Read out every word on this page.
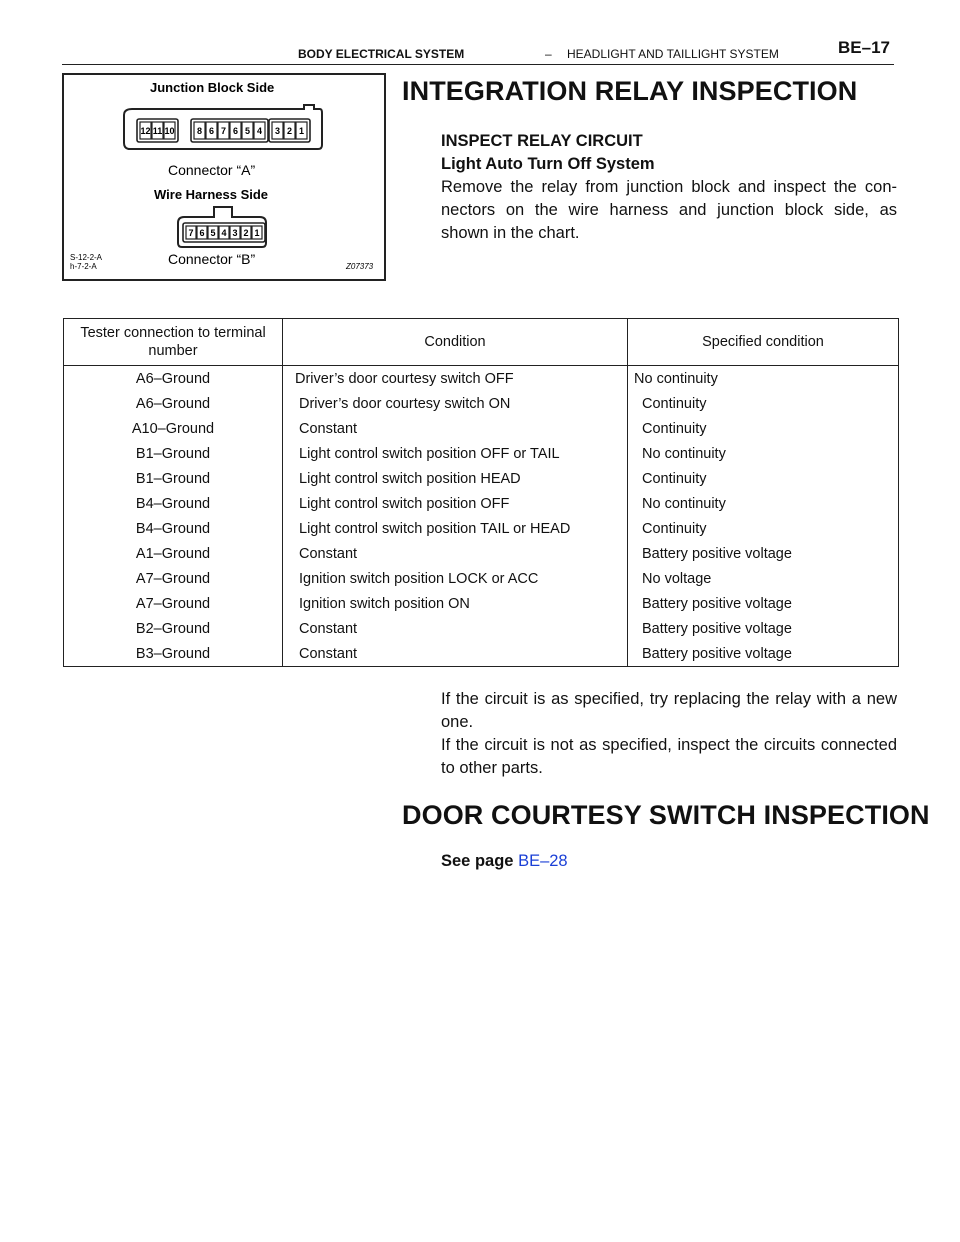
BODY ELECTRICAL SYSTEM	– HEADLIGHT AND TAILLIGHT SYSTEM	BE–17
Junction Block Side
12 11 10 8 6 7 6 5 4 3 2 1
Connector “A”
Wire Harness Side
7 6 5 4 3 2 1
Connector “B”
S-12-2-A
h-7-2-A	Z07373
INTEGRATION RELAY INSPECTION
INSPECT RELAY CIRCUIT
Light Auto Turn Off System
Remove the relay from junction block and inspect the con-
nectors on the wire harness and junction block side, as
shown in the chart.
Tester connection to terminal number	Condition	Specified condition
A6–Ground	Driver’s door courtesy switch OFF	No continuity
A6–Ground	Driver’s door courtesy switch ON	Continuity
A10–Ground	Constant	Continuity
B1–Ground	Light control switch position OFF or TAIL	No continuity
B1–Ground	Light control switch position HEAD	Continuity
B4–Ground	Light control switch position OFF	No continuity
B4–Ground	Light control switch position TAIL or HEAD	Continuity
A1–Ground	Constant	Battery positive voltage
A7–Ground	Ignition switch position LOCK or ACC	No voltage
A7–Ground	Ignition switch position ON	Battery positive voltage
B2–Ground	Constant	Battery positive voltage
B3–Ground	Constant	Battery positive voltage
If the circuit is as specified, try replacing the relay with a new
one.
If the circuit is not as specified, inspect the circuits connected
to other parts.
DOOR COURTESY SWITCH INSPECTION
See page BE–28
